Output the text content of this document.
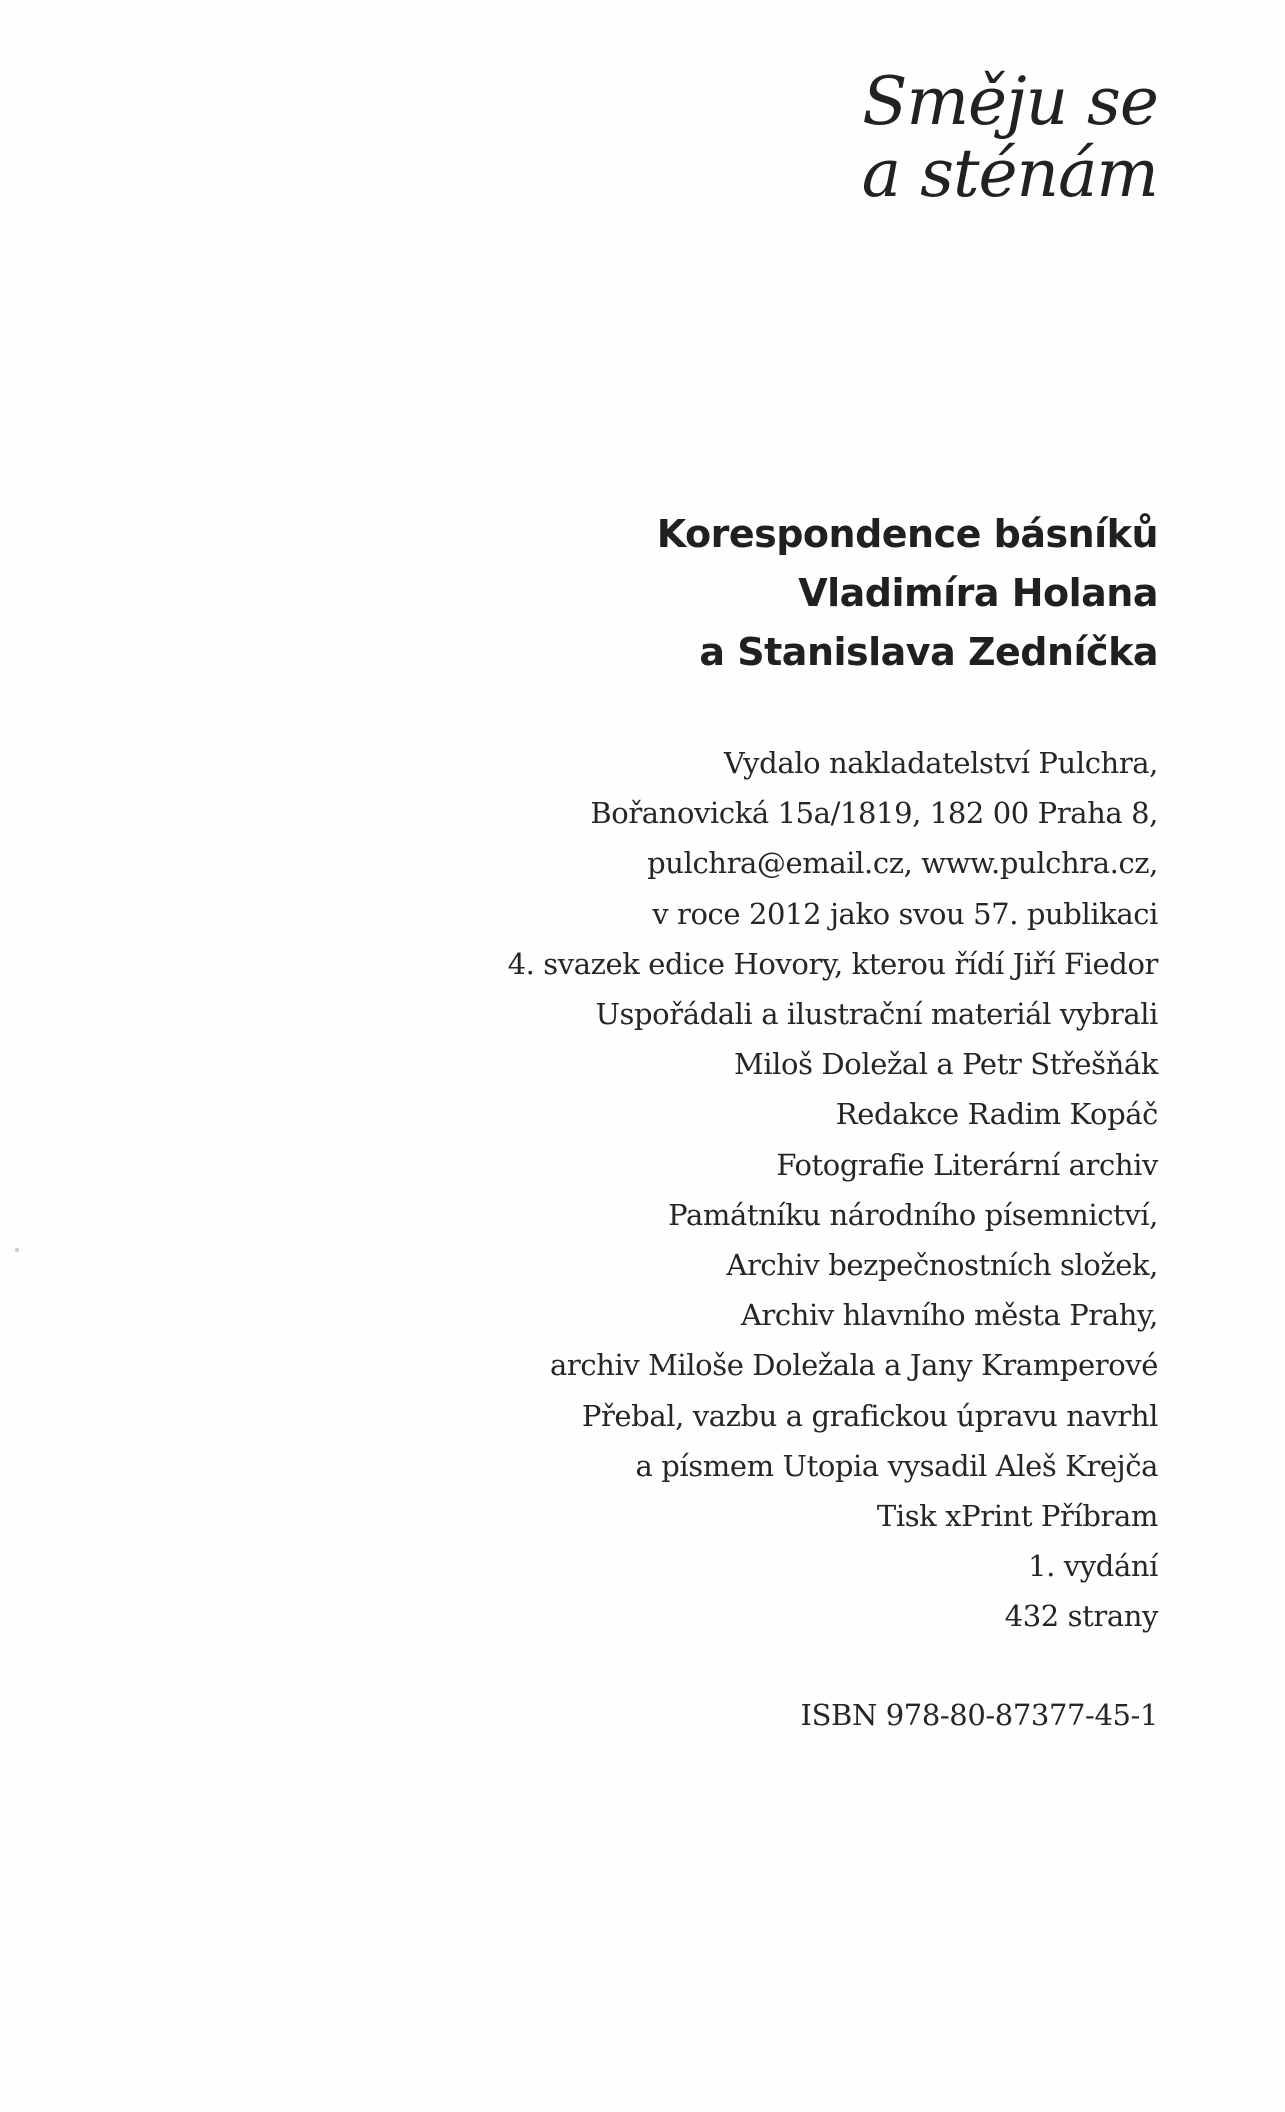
Směju se
a sténám
Korespondence básníků
Vladimíra Holana
a Stanislava Zedníčka
Vydalo nakladatelství Pulchra,
Bořanovická 15a/1819, 182 00 Praha 8,
pulchra@email.cz, www.pulchra.cz,
v roce 2012 jako svou 57. publikaci
4. svazek edice Hovory, kterou řídí Jiří Fiedor
Uspořádali a ilustrační materiál vybrali
Miloš Doležal a Petr Střešňák
Redakce Radim Kopáč
Fotografie Literární archiv
Památníku národního písemnictví,
Archiv bezpečnostních složek,
Archiv hlavního města Prahy,
archiv Miloše Doležala a Jany Kramperové
Přebal, vazbu a grafickou úpravu navrhl
a písmem Utopia vysadil Aleš Krejča
Tisk xPrint Příbram
1. vydání
432 strany
ISBN 978-80-87377-45-1
